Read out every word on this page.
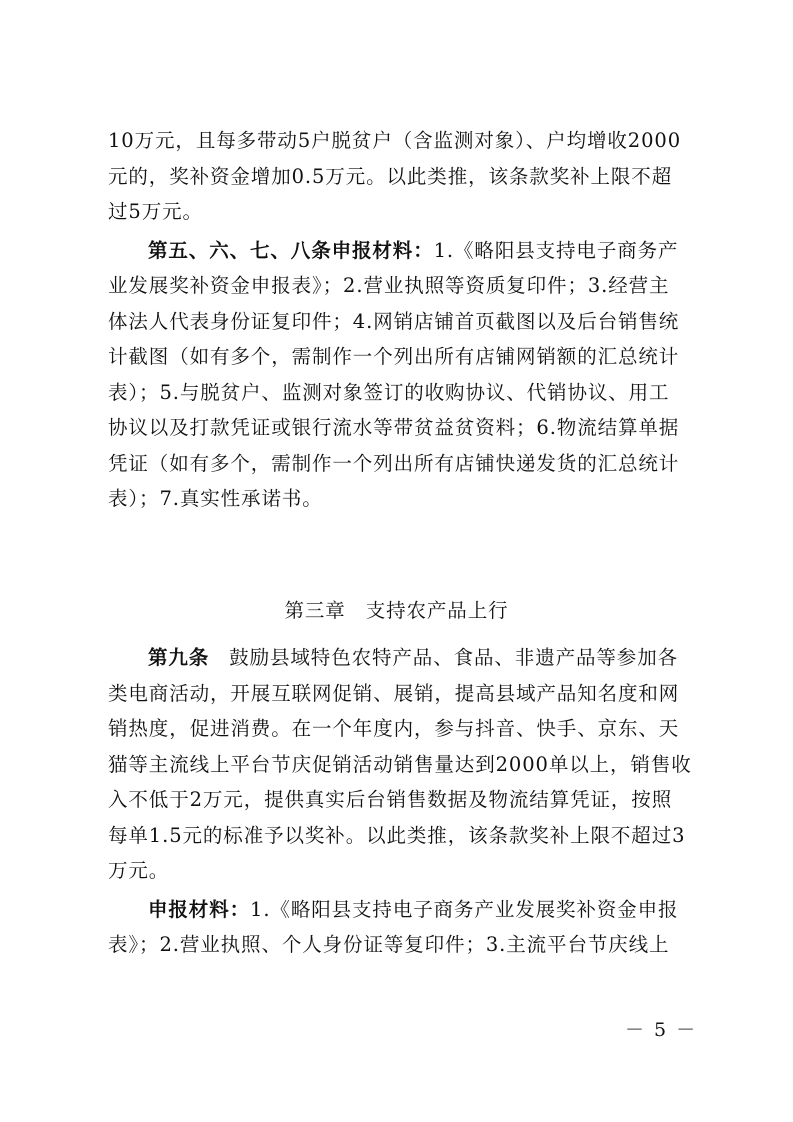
10万元，且每多带动5户脱贫户（含监测对象）、户均增收2000
元的，奖补资金增加0.5万元。以此类推，该条款奖补上限不超
过5万元。
第五、六、七、八条申报材料：1.《略阳县支持电子商务产
业发展奖补资金申报表》；2.营业执照等资质复印件；3.经营主
体法人代表身份证复印件；4.网销店铺首页截图以及后台销售统
计截图（如有多个，需制作一个列出所有店铺网销额的汇总统计
表）；5.与脱贫户、监测对象签订的收购协议、代销协议、用工
协议以及打款凭证或银行流水等带贫益贫资料；6.物流结算单据
凭证（如有多个，需制作一个列出所有店铺快递发货的汇总统计
表）；7.真实性承诺书。
第三章 支持农产品上行
第九条 鼓励县域特色农特产品、食品、非遗产品等参加各
类电商活动，开展互联网促销、展销，提高县域产品知名度和网
销热度，促进消费。在一个年度内，参与抖音、快手、京东、天
猫等主流线上平台节庆促销活动销售量达到2000单以上，销售收
入不低于2万元，提供真实后台销售数据及物流结算凭证，按照
每单1.5元的标准予以奖补。以此类推，该条款奖补上限不超过3
万元。
申报材料：1.《略阳县支持电子商务产业发展奖补资金申报
表》；2.营业执照、个人身份证等复印件；3.主流平台节庆线上
－ 5 －
